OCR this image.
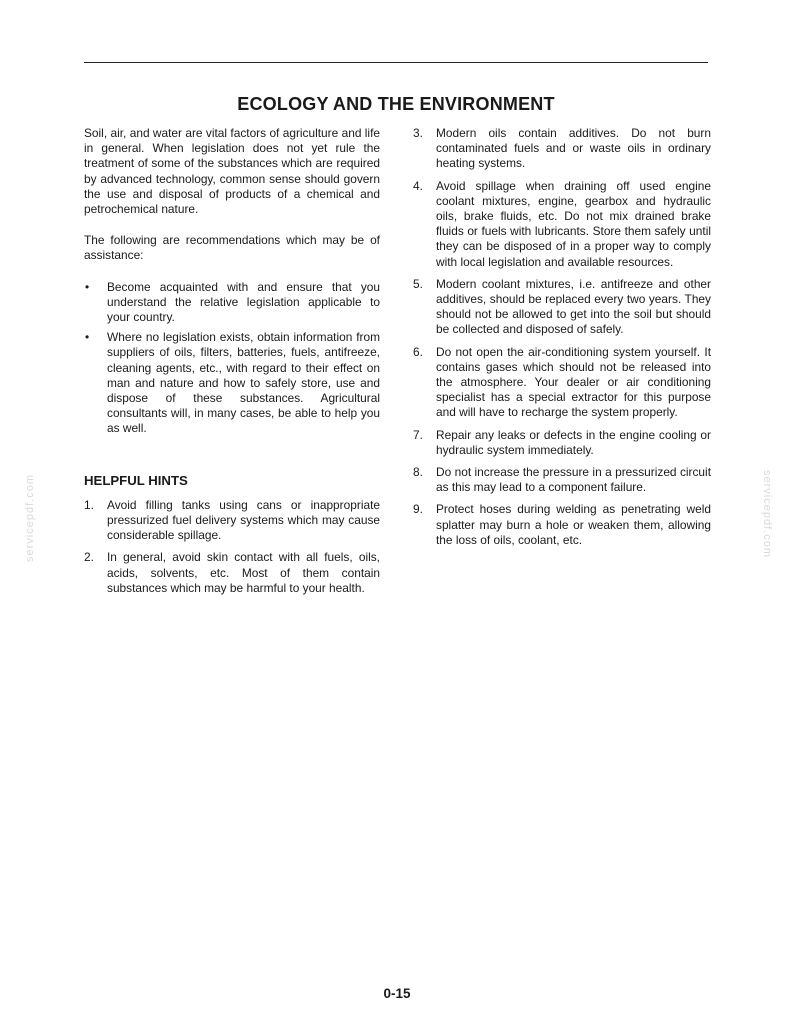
ECOLOGY AND THE ENVIRONMENT

Soil, air, and water are vital factors of agriculture and life in general. When legislation does not yet rule the treatment of some of the substances which are required by advanced technology, common sense should govern the use and disposal of products of a chemical and petrochemical nature.

The following are recommendations which may be of assistance:

• Become acquainted with and ensure that you understand the relative legislation applicable to your country.
• Where no legislation exists, obtain information from suppliers of oils, filters, batteries, fuels, antifreeze, cleaning agents, etc., with regard to their effect on man and nature and how to safely store, use and dispose of these substances. Agricultural consultants will, in many cases, be able to help you as well.
HELPFUL HINTS
1. Avoid filling tanks using cans or inappropriate pressurized fuel delivery systems which may cause considerable spillage.
2. In general, avoid skin contact with all fuels, oils, acids, solvents, etc. Most of them contain substances which may be harmful to your health.
3. Modern oils contain additives. Do not burn contaminated fuels and or waste oils in ordinary heating systems.
4. Avoid spillage when draining off used engine coolant mixtures, engine, gearbox and hydraulic oils, brake fluids, etc. Do not mix drained brake fluids or fuels with lubricants. Store them safely until they can be disposed of in a proper way to comply with local legislation and available resources.
5. Modern coolant mixtures, i.e. antifreeze and other additives, should be replaced every two years. They should not be allowed to get into the soil but should be collected and disposed of safely.
6. Do not open the air-conditioning system yourself. It contains gases which should not be released into the atmosphere. Your dealer or air conditioning specialist has a special extractor for this purpose and will have to recharge the system properly.
7. Repair any leaks or defects in the engine cooling or hydraulic system immediately.
8. Do not increase the pressure in a pressurized circuit as this may lead to a component failure.
9. Protect hoses during welding as penetrating weld splatter may burn a hole or weaken them, allowing the loss of oils, coolant, etc.
servicepdf.com	servicepdf.com
0-15
